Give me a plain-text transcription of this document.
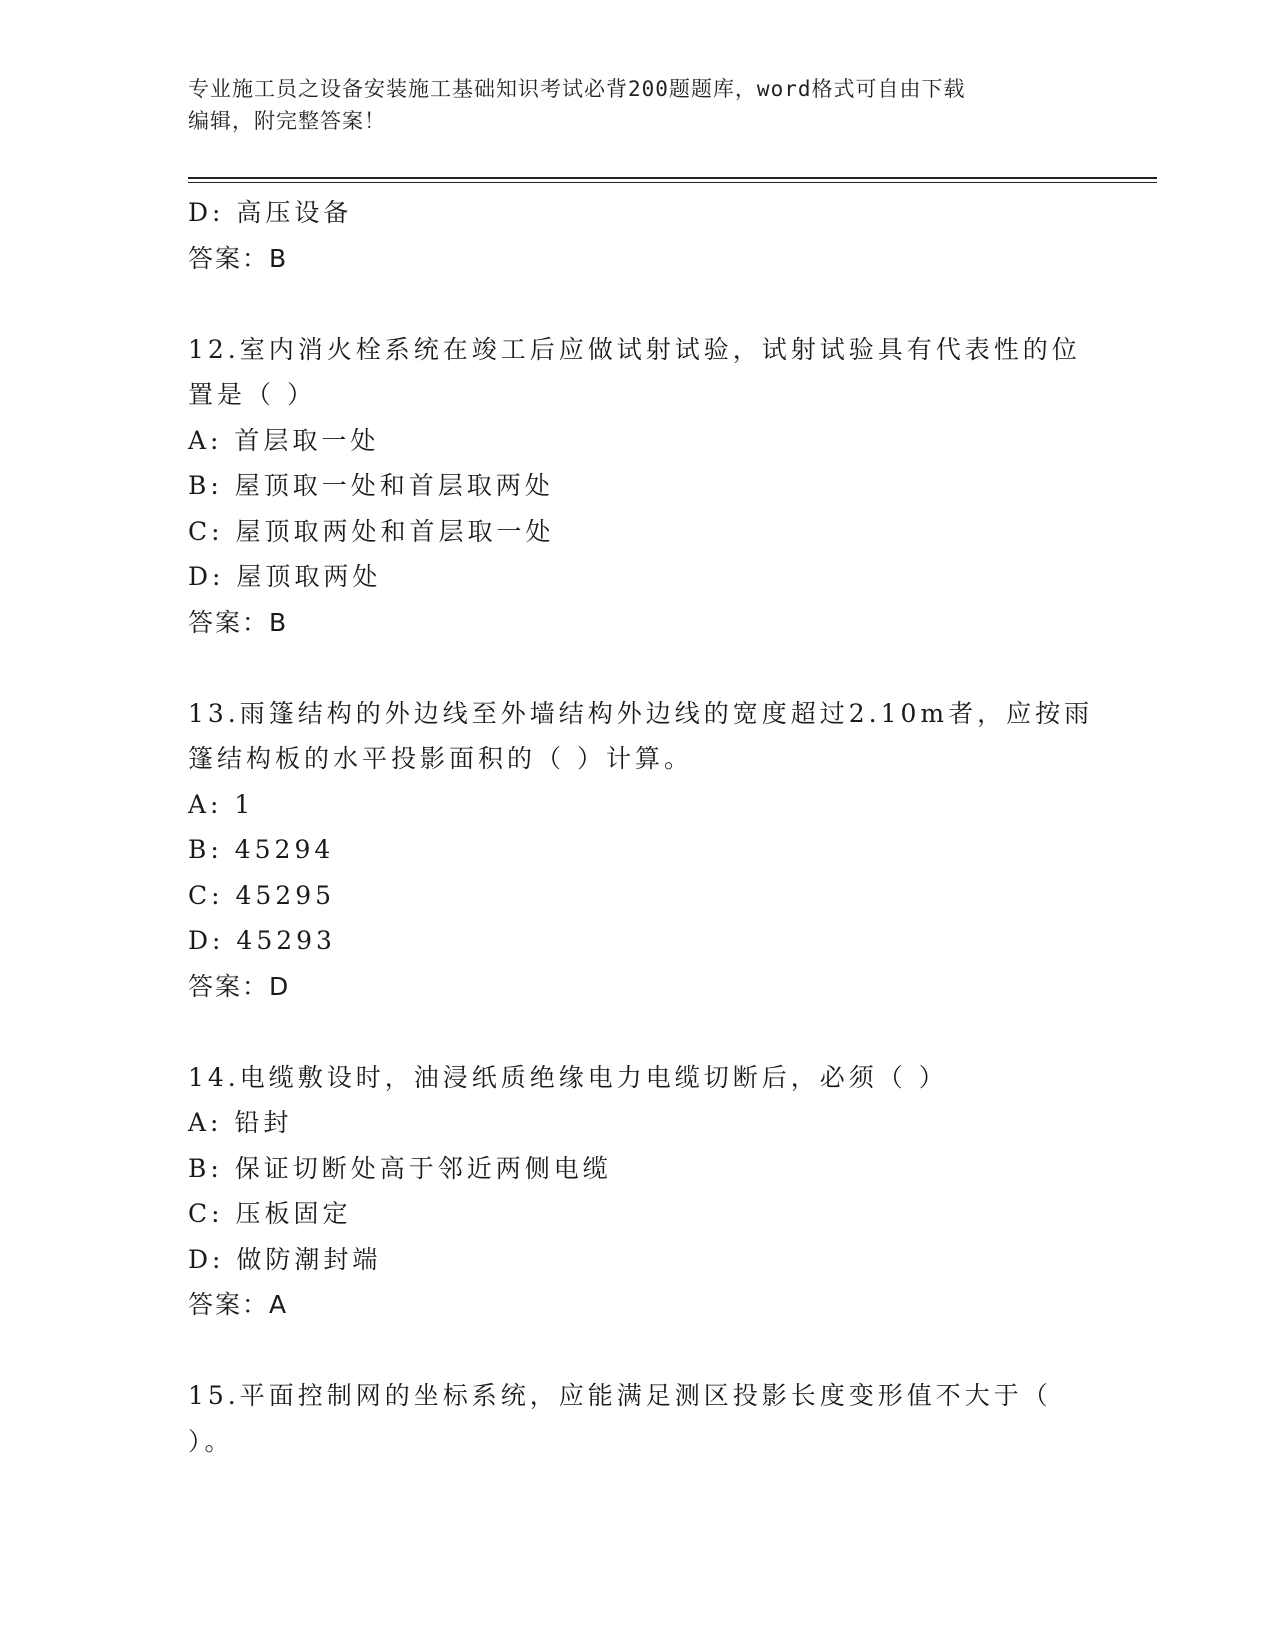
专业施工员之设备安装施工基础知识考试必背200题题库，word格式可自由下载
编辑，附完整答案！
D: 高压设备
答案：B
12.室内消火栓系统在竣工后应做试射试验，试射试验具有代表性的位
置是（ ）
A: 首层取一处
B: 屋顶取一处和首层取两处
C: 屋顶取两处和首层取一处
D: 屋顶取两处
答案：B
13.雨篷结构的外边线至外墙结构外边线的宽度超过2.10m者，应按雨
篷结构板的水平投影面积的（ ）计算。
A: 1
B: 45294
C: 45295
D: 45293
答案：D
14.电缆敷设时，油浸纸质绝缘电力电缆切断后，必须（ ）
A: 铅封
B: 保证切断处高于邻近两侧电缆
C: 压板固定
D: 做防潮封端
答案：A
15.平面控制网的坐标系统，应能满足测区投影长度变形值不大于（
）。
